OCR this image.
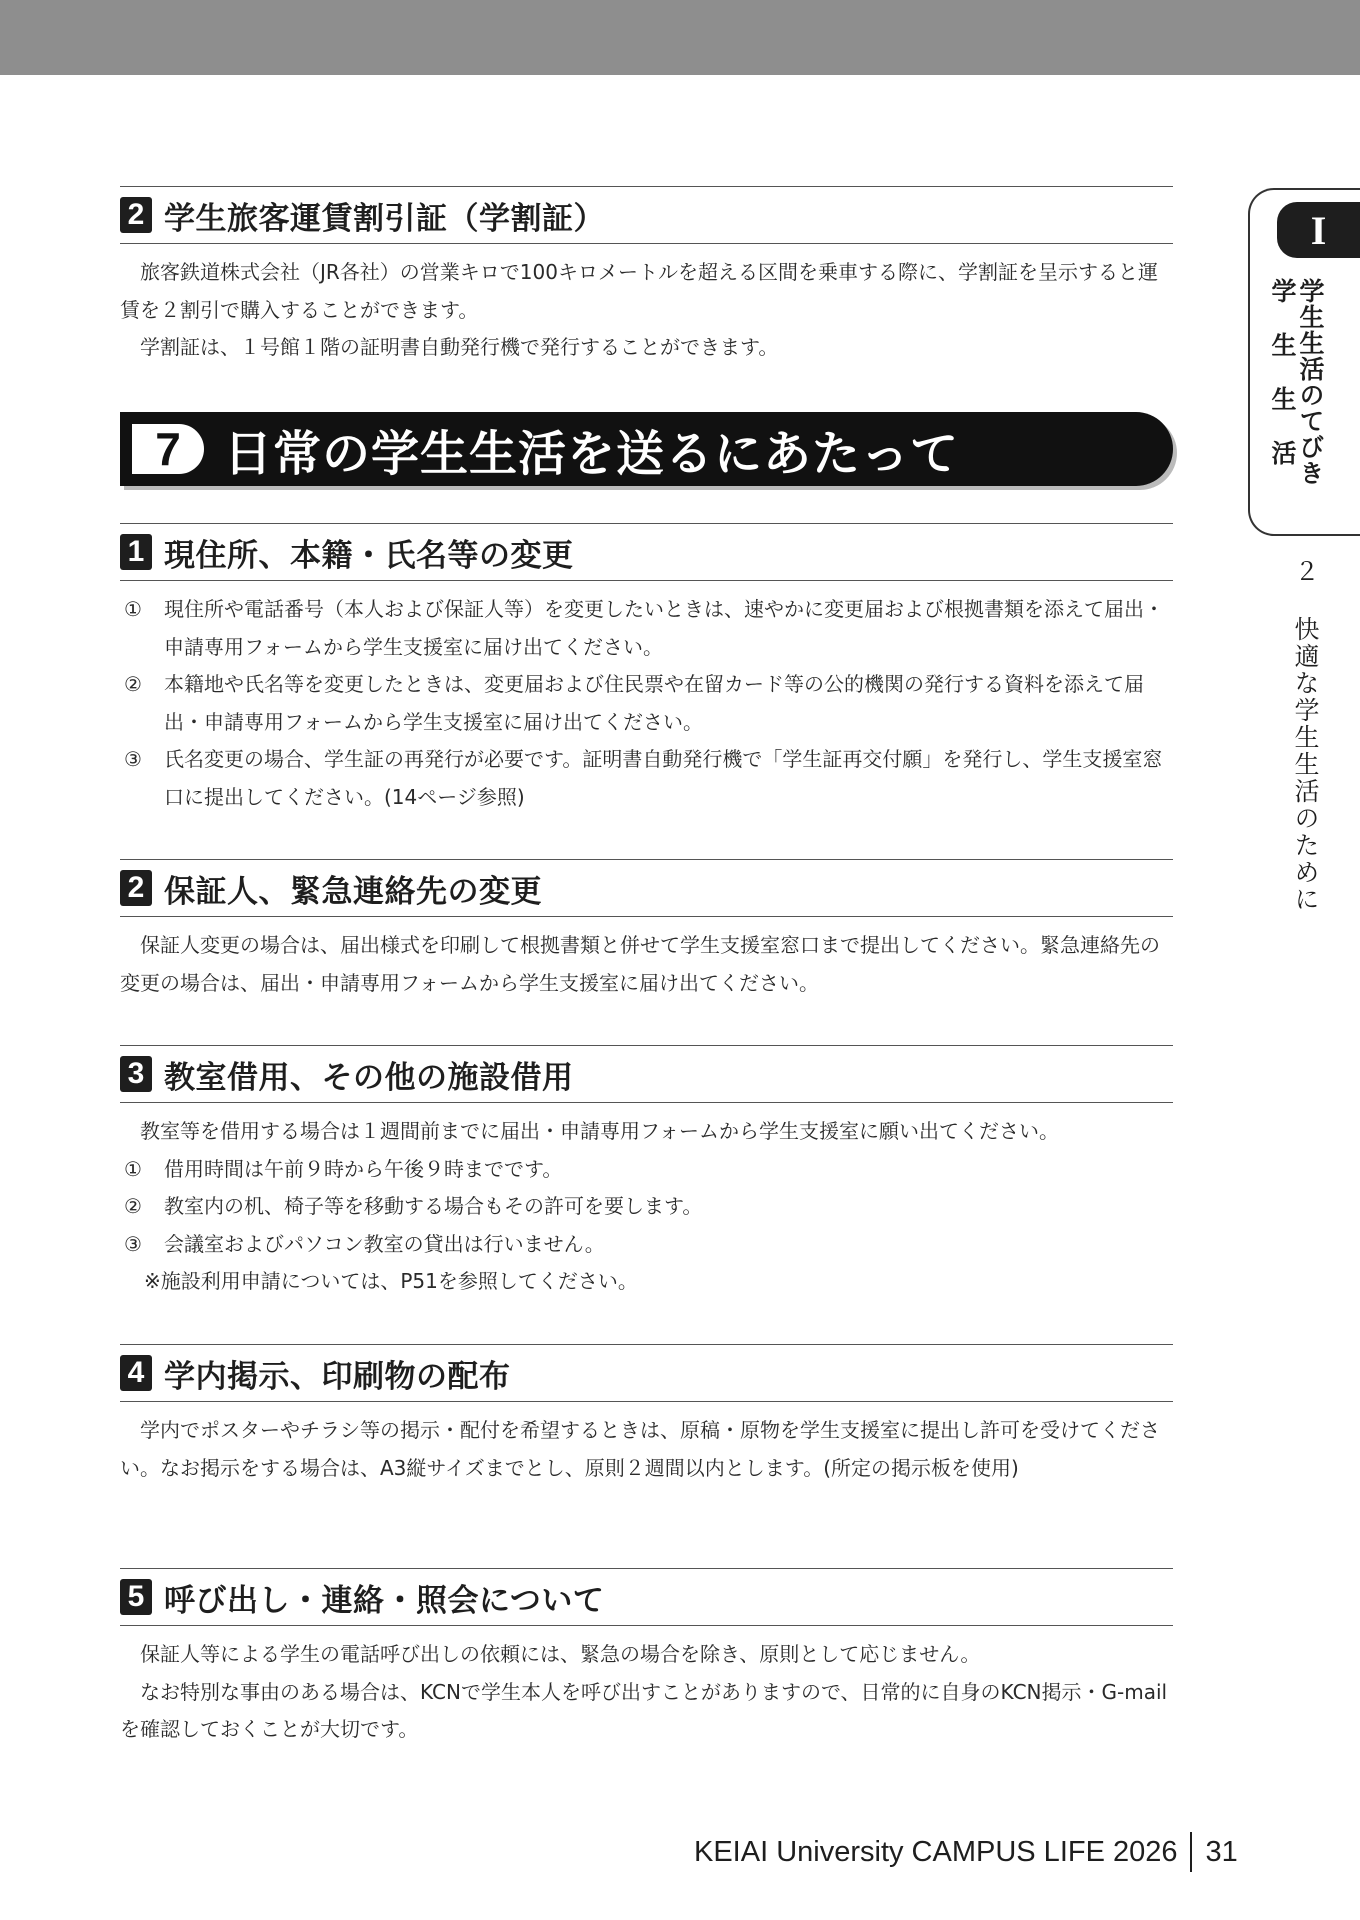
2 学生旅客運賃割引証（学割証）

旅客鉄道株式会社（JR各社）の営業キロで100キロメートルを超える区間を乗車する際に、学割証を呈示すると運賃を２割引で購入することができます。

学割証は、１号館１階の証明書自動発行機で発行することができます。

7 日常の学生生活を送るにあたって
1 現住所、本籍・氏名等の変更
①	現住所や電話番号（本人および保証人等）を変更したいときは、速やかに変更届および根拠書類を添えて届出・申請専用フォームから学生支援室に届け出てください。
②	本籍地や氏名等を変更したときは、変更届および住民票や在留カード等の公的機関の発行する資料を添えて届出・申請専用フォームから学生支援室に届け出てください。
③	氏名変更の場合、学生証の再発行が必要です。証明書自動発行機で「学生証再交付願」を発行し、学生支援室窓口に提出してください。(14ページ参照)
2 保証人、緊急連絡先の変更

保証人変更の場合は、届出様式を印刷して根拠書類と併せて学生支援室窓口まで提出してください。緊急連絡先の変更の場合は、届出・申請専用フォームから学生支援室に届け出てください。

3 教室借用、その他の施設借用

教室等を借用する場合は１週間前までに届出・申請専用フォームから学生支援室に願い出てください。

①	借用時間は午前９時から午後９時までです。
②	教室内の机、椅子等を移動する場合もその許可を要します。
③	会議室およびパソコン教室の貸出は行いません。

※施設利用申請については、P51を参照してください。

4 学内掲示、印刷物の配布

学内でポスターやチラシ等の掲示・配付を希望するときは、原稿・原物を学生支援室に提出し許可を受けてください。なお掲示をする場合は、A3縦サイズまでとし、原則２週間以内とします。(所定の掲示板を使用)

5 呼び出し・連絡・照会について

保証人等による学生の電話呼び出しの依頼には、緊急の場合を除き、原則として応じません。

なお特別な事由のある場合は、KCNで学生本人を呼び出すことがありますので、日常的に自身のKCN掲示・G-mailを確認しておくことが大切です。

I
学生生活のてびき
学生生活
２ 快適な学生生活のために
KEIAI University CAMPUS LIFE 2026 31
